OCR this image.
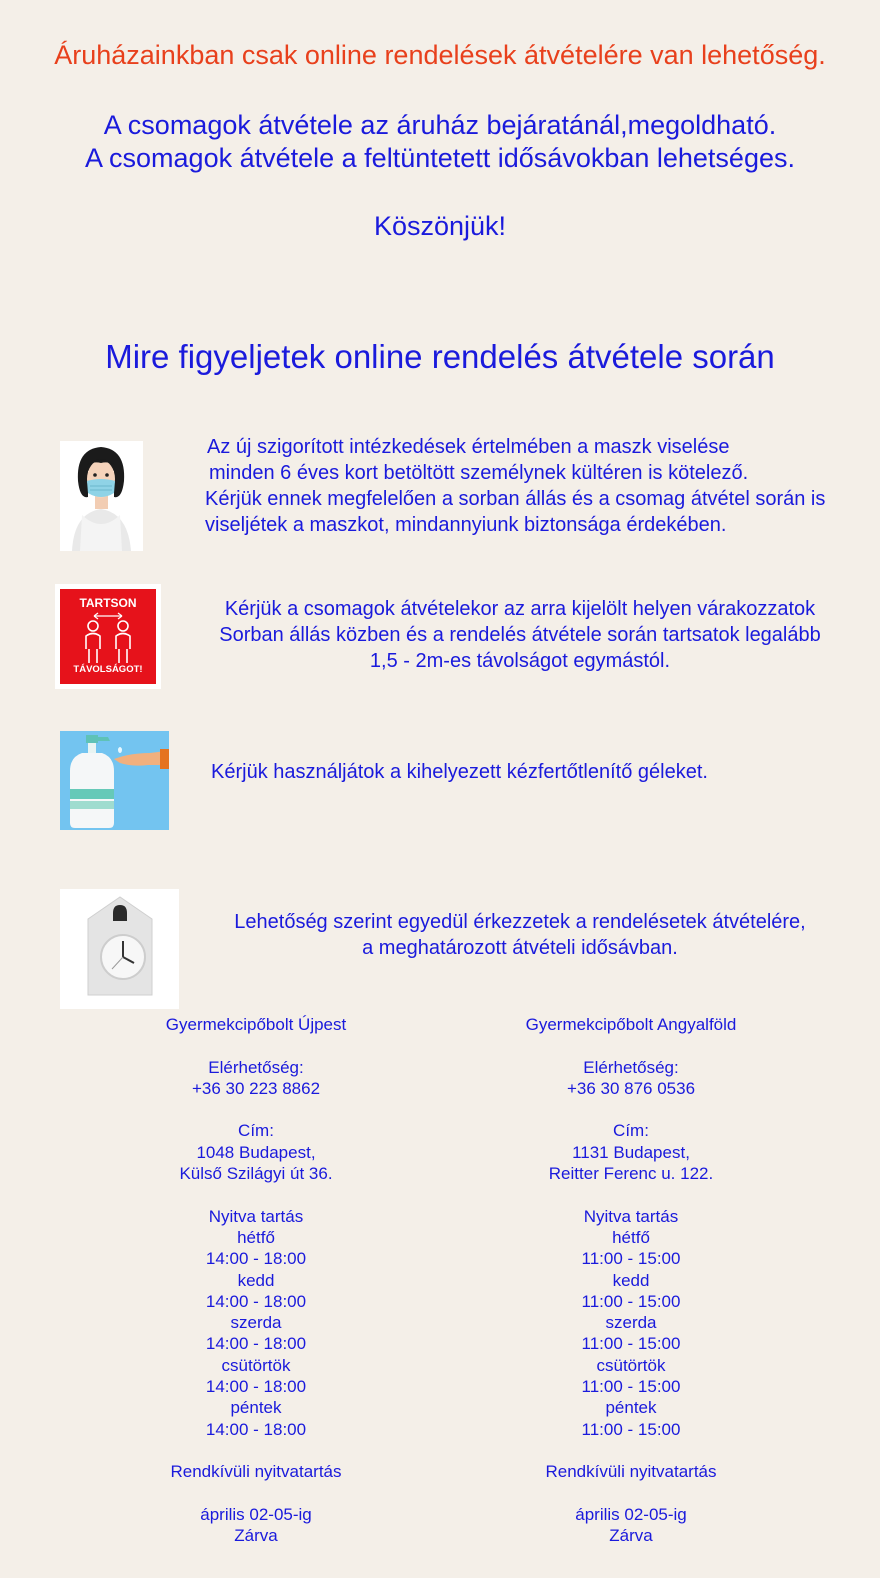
Áruházainkban csak online rendelések átvételére van lehetőség.
A csomagok átvétele az áruház bejáratánál,megoldható.
A csomagok átvétele a feltüntetett idősávokban lehetséges.
Köszönjük!
Mire figyeljetek online rendelés átvétele során
Az új szigorított intézkedések értelmében a maszk viselése
minden 6 éves kort betöltött személynek kültéren is kötelező.
Kérjük ennek megfelelően a sorban állás és a csomag átvétel során is
viseljétek a maszkot, mindannyiunk biztonsága érdekében.
TARTSON
TÁVOLSÁGOT!
Kérjük a csomagok átvételekor az arra kijelölt helyen várakozzatok
Sorban állás közben és a rendelés átvétele során tartsatok legalább
1,5 - 2m-es távolságot egymástól.
Kérjük használjátok a kihelyezett kézfertőtlenítő géleket.
Lehetőség szerint egyedül érkezzetek a rendelésetek átvételére,
a meghatározott átvételi idősávban.
Gyermekcipőbolt Újpest
Elérhetőség:
+36 30 223 8862
Cím:
1048 Budapest,
Külső Szilágyi út 36.
Nyitva tartás
hétfő
14:00 - 18:00
kedd
14:00 - 18:00
szerda
14:00 - 18:00
csütörtök
14:00 - 18:00
péntek
14:00 - 18:00
Rendkívüli nyitvatartás
április 02-05-ig
Zárva
Gyermekcipőbolt Angyalföld
Elérhetőség:
+36 30 876 0536
Cím:
1131 Budapest,
Reitter Ferenc u. 122.
Nyitva tartás
hétfő
11:00 - 15:00
kedd
11:00 - 15:00
szerda
11:00 - 15:00
csütörtök
11:00 - 15:00
péntek
11:00 - 15:00
Rendkívüli nyitvatartás
április 02-05-ig
Zárva
